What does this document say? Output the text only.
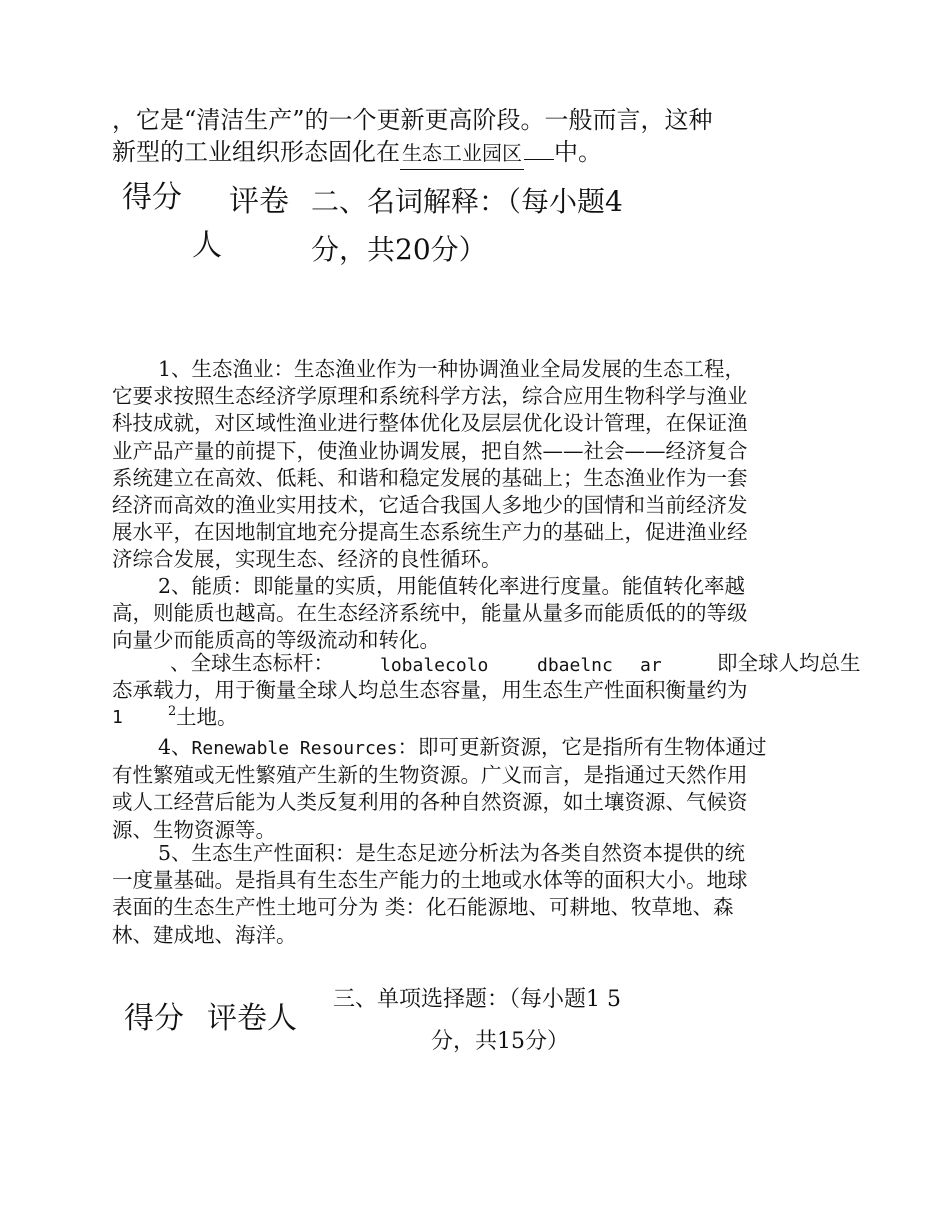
，它是“清洁生产”的一个更新更高阶段。一般而言，这种
新型的工业组织形态固化在 生态工业园区 中。
得分 评卷
人
二、名词解释：（每小题4
分，共20分）
1、生态渔业：生态渔业作为一种协调渔业全局发展的生态工程，
它要求按照生态经济学原理和系统科学方法，综合应用生物科学与渔业
科技成就，对区域性渔业进行整体优化及层层优化设计管理，在保证渔
业产品产量的前提下，使渔业协调发展，把自然——社会——经济复合
系统建立在高效、低耗、和谐和稳定发展的基础上；生态渔业作为一套
经济而高效的渔业实用技术，它适合我国人多地少的国情和当前经济发
展水平，在因地制宜地充分提高生态系统生产力的基础上，促进渔业经
济综合发展，实现生态、经济的良性循环。
2、能质：即能量的实质，用能值转化率进行度量。能值转化率越
高，则能质也越高。在生态经济系统中，能量从量多而能质低的的等级
向量少而能质高的等级流动和转化。
、全球生态标杆：	lobalecolo	dbaelnc ar	即全球人均总生
态承载力，用于衡量全球人均总生态容量，用生态生产性面积衡量约为
1	2 土地。
4、Renewable Resources：即可更新资源，它是指所有生物体通过
有性繁殖或无性繁殖产生新的生物资源。广义而言，是指通过天然作用
或人工经营后能为人类反复利用的各种自然资源，如土壤资源、气候资
源、生物资源等。
5、生态生产性面积：是生态足迹分析法为各类自然资本提供的统
一度量基础。是指具有生态生产能力的土地或水体等的面积大小。地球
表面的生态生产性土地可分为 类：化石能源地、可耕地、牧草地、森
林、建成地、海洋。
得分 评卷人
三、单项选择题：（每小题1 5
分，共15分）
